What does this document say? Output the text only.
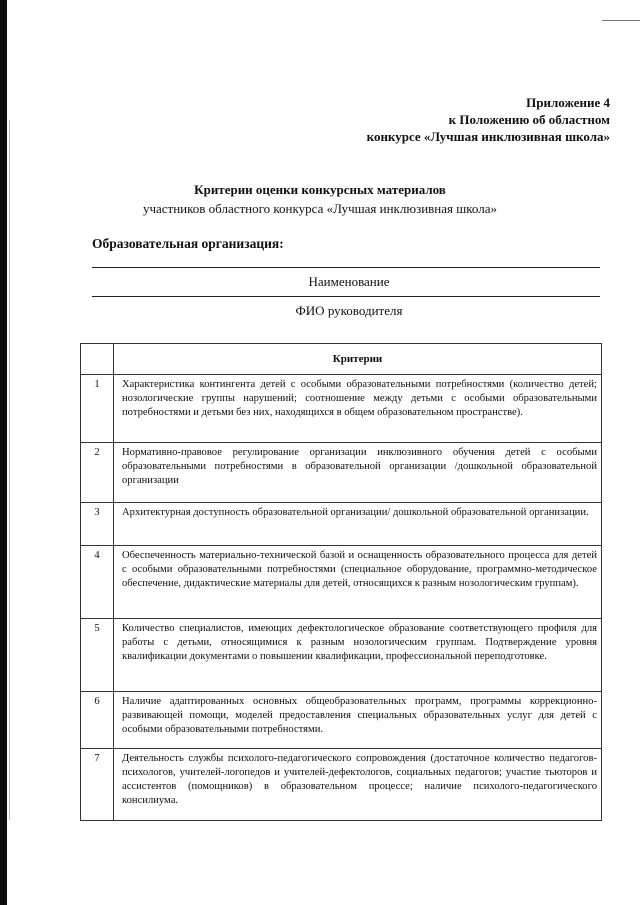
Приложение 4
к Положению об областном
конкурсе «Лучшая инклюзивная школа»
Критерии оценки конкурсных материалов
участников областного конкурса «Лучшая инклюзивная школа»
Образовательная организация:
Наименование
ФИО руководителя
	Критерии
1	Характеристика контингента детей с особыми образовательными потребностями (количество детей; нозологические группы нарушений; соотношение между детьми с особыми образовательными потребностями и детьми без них, находящихся в общем образовательном пространстве).
2	Нормативно-правовое регулирование организации инклюзивного обучения детей с особыми образовательными потребностями в образовательной организации /дошкольной образовательной организации
3	Архитектурная доступность образовательной организации/ дошкольной образовательной организации.
4	Обеспеченность материально-технической базой и оснащенность образовательного процесса для детей с особыми образовательными потребностями (специальное оборудование, программно-методическое обеспечение, дидактические материалы для детей, относящихся к разным нозологическим группам).
5	Количество специалистов, имеющих дефектологическое образование соответствующего профиля для работы с детьми, относящимися к разным нозологическим группам. Подтверждение уровня квалификации документами о повышении квалификации, профессиональной переподготовке.
6	Наличие адаптированных основных общеобразовательных программ, программы коррекционно-развивающей помощи, моделей предоставления специальных образовательных услуг для детей с особыми образовательными потребностями.
7	Деятельность службы психолого-педагогического сопровождения (достаточное количество педагогов-психологов, учителей-логопедов и учителей-дефектологов, социальных педагогов; участие тьюторов и ассистентов (помощников) в образовательном процессе; наличие психолого-педагогического консилиума.
